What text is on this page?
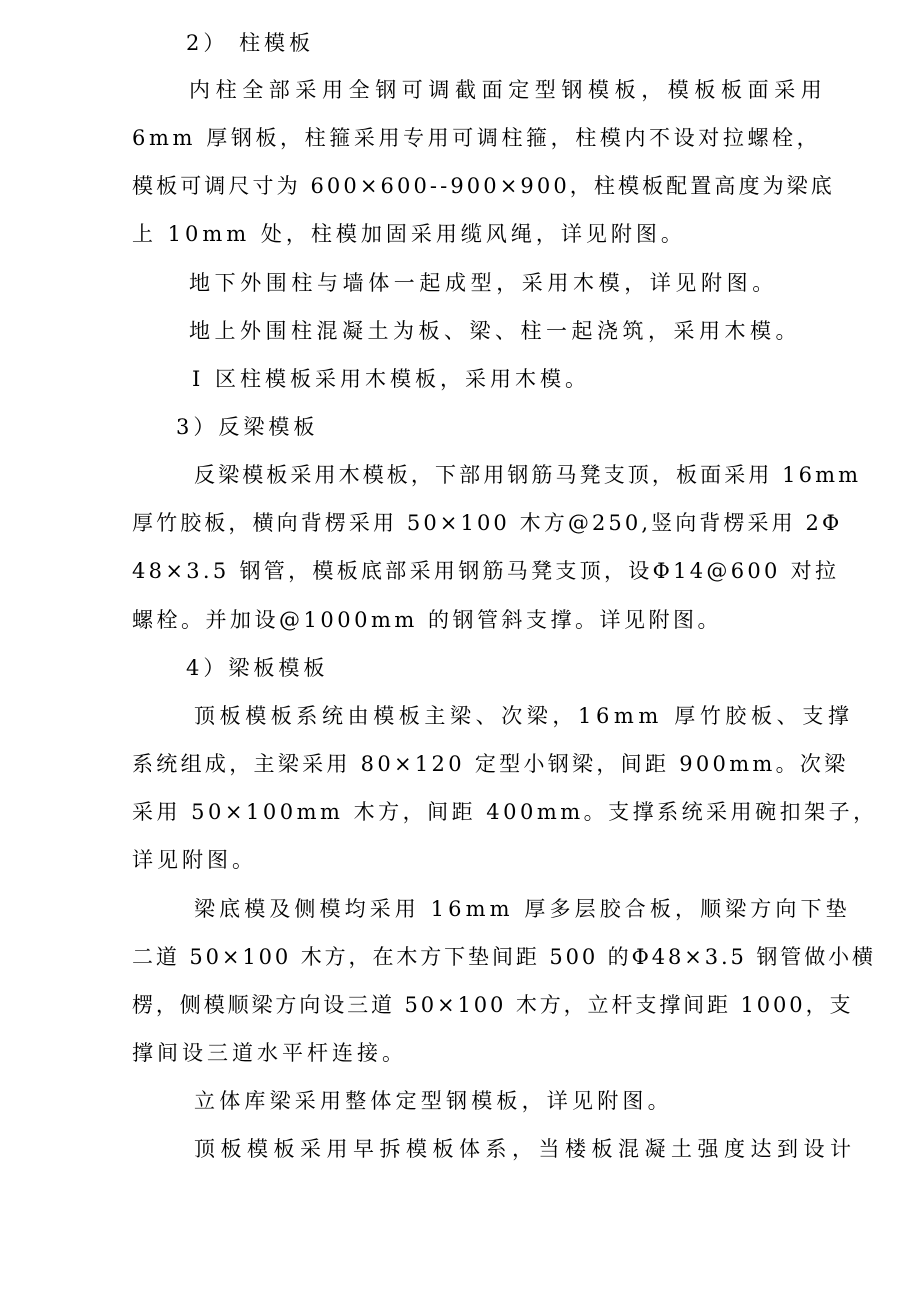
2） 柱模板

内柱全部采用全钢可调截面定型钢模板，模板板面采用

6mm 厚钢板，柱箍采用专用可调柱箍，柱模内不设对拉螺栓，

模板可调尺寸为 600×600--900×900，柱模板配置高度为梁底

上 10mm 处，柱模加固采用缆风绳，详见附图。

地下外围柱与墙体一起成型，采用木模，详见附图。

地上外围柱混凝土为板、梁、柱一起浇筑，采用木模。

I 区柱模板采用木模板，采用木模。

3）反梁模板

反梁模板采用木模板，下部用钢筋马凳支顶，板面采用 16mm

厚竹胶板，横向背楞采用 50×100 木方@250,竖向背楞采用 2Φ

48×3.5 钢管，模板底部采用钢筋马凳支顶，设Φ14@600 对拉

螺栓。并加设@1000mm 的钢管斜支撑。详见附图。

4）梁板模板

顶板模板系统由模板主梁、次梁，16mm 厚竹胶板、支撑

系统组成，主梁采用 80×120 定型小钢梁，间距 900mm。次梁

采用 50×100mm 木方，间距 400mm。支撑系统采用碗扣架子，

详见附图。

梁底模及侧模均采用 16mm 厚多层胶合板，顺梁方向下垫

二道 50×100 木方，在木方下垫间距 500 的Φ48×3.5 钢管做小横

楞，侧模顺梁方向设三道 50×100 木方，立杆支撑间距 1000，支

撑间设三道水平杆连接。

立体库梁采用整体定型钢模板，详见附图。

顶板模板采用早拆模板体系，当楼板混凝土强度达到设计
